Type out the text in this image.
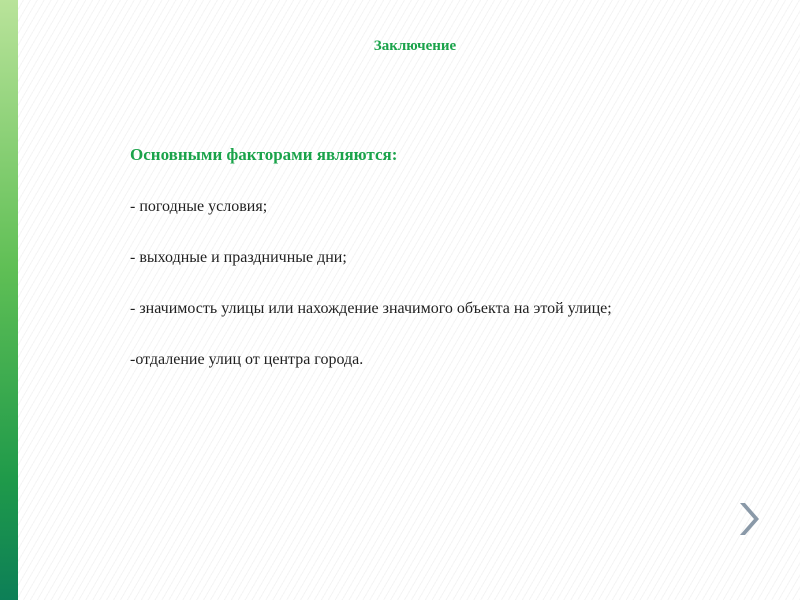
Заключение
Основными факторами являются:
- погодные условия;
- выходные и праздничные дни;
- значимость улицы или нахождение значимого объекта на этой улице;
-отдаление улиц от центра города.
